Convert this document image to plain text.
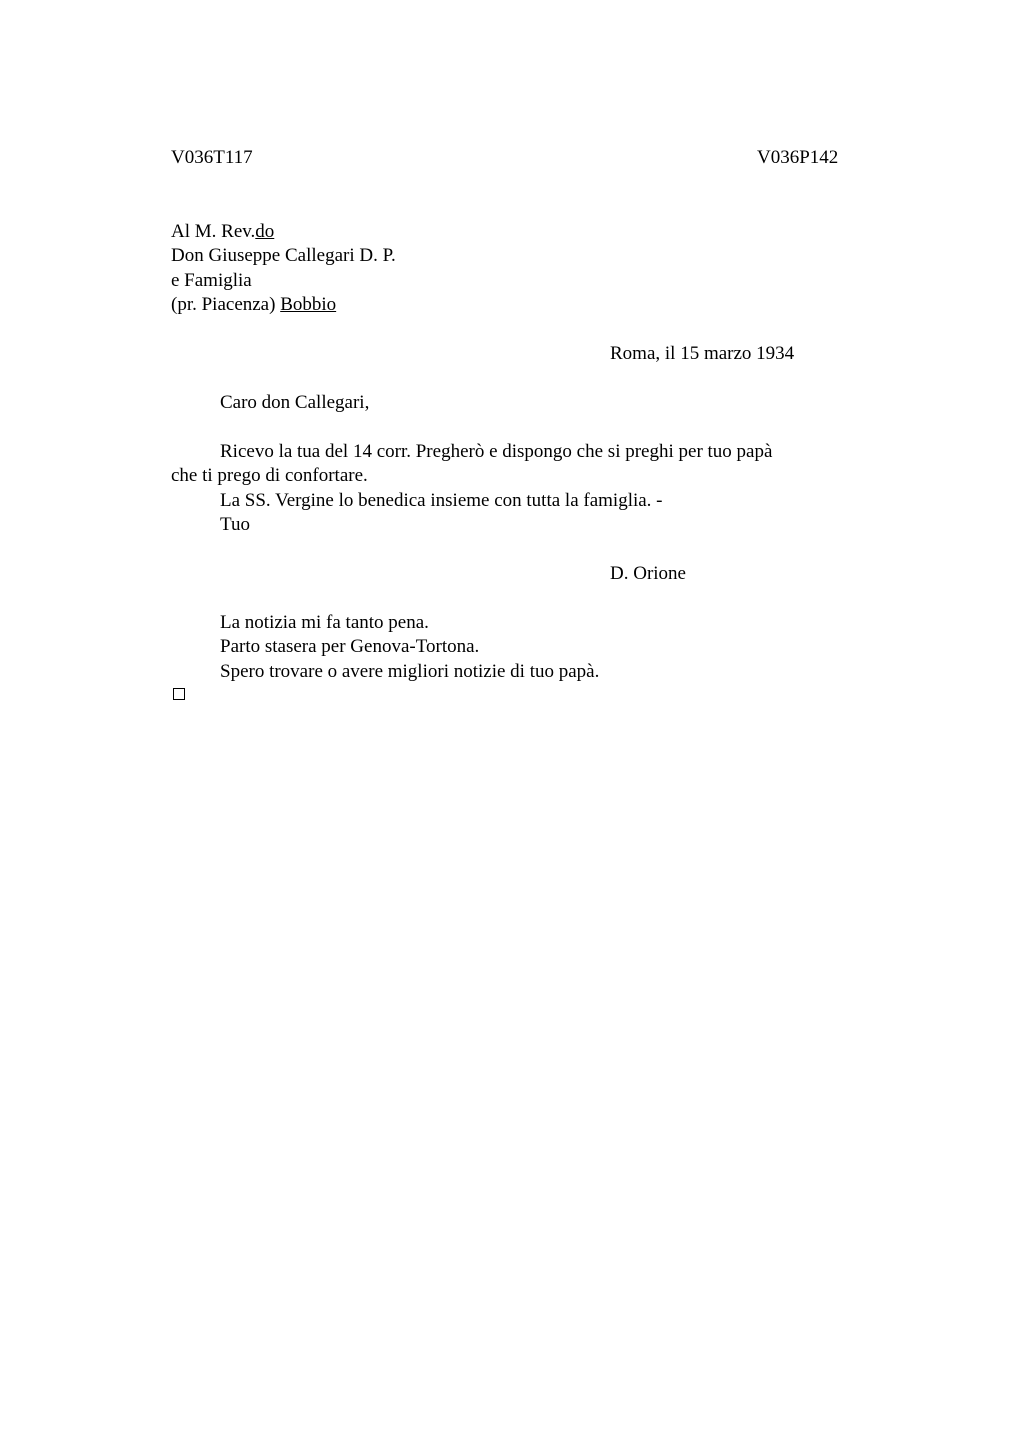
V036T117	V036P142
Al M. Rev.do
Don Giuseppe Callegari D. P.
e Famiglia
(pr. Piacenza) Bobbio
Roma, il 15 marzo 1934
Caro don Callegari,
Ricevo la tua del 14 corr. Pregherò e dispongo che si preghi per tuo papà
che ti prego di confortare.
La SS. Vergine lo benedica insieme con tutta la famiglia. -
Tuo
D. Orione
La notizia mi fa tanto pena.
Parto stasera per Genova-Tortona.
Spero trovare o avere migliori notizie di tuo papà.
